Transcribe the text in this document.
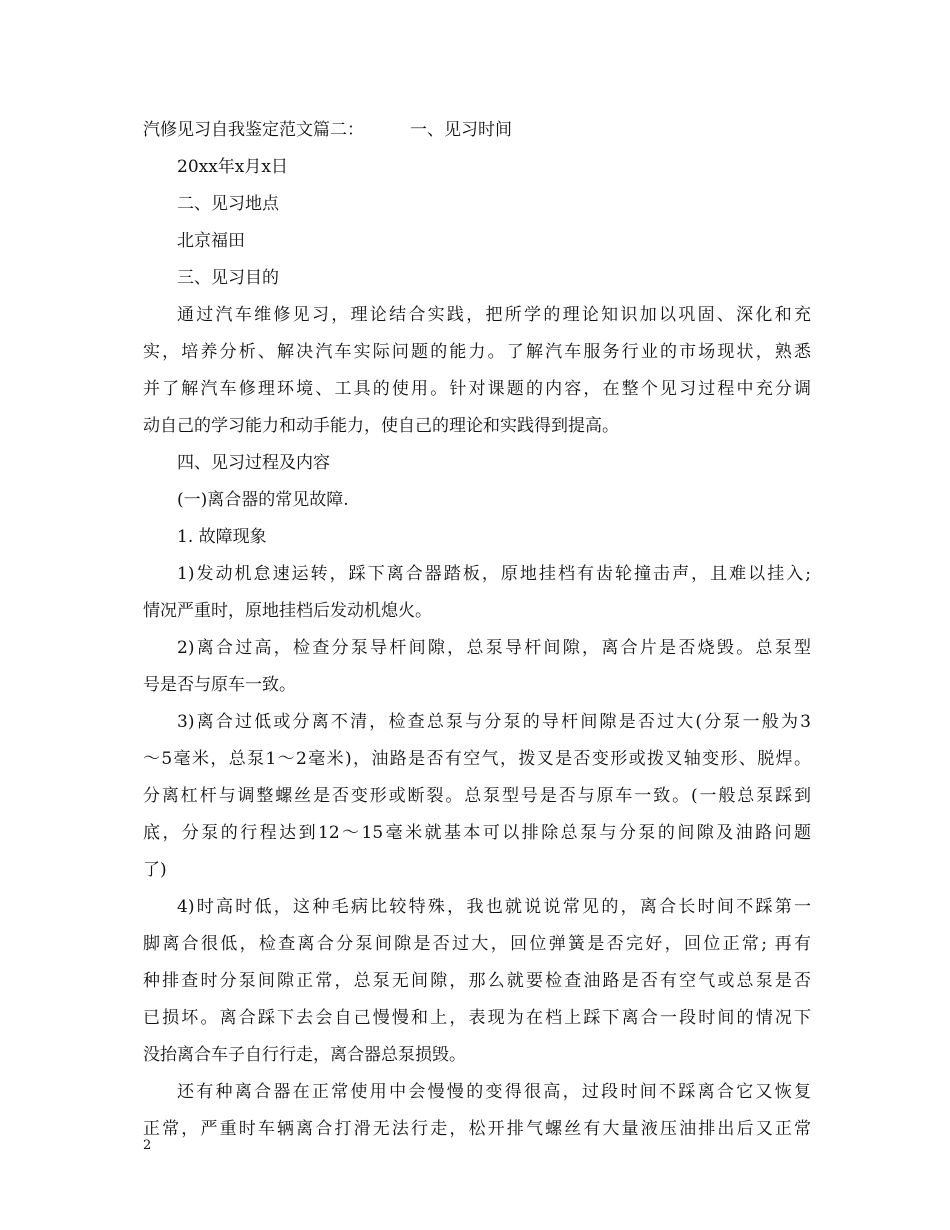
汽修见习自我鉴定范文篇二：	一、见习时间
20xx年x月x日
二、见习地点
北京福田
三、见习目的
通过汽车维修见习，理论结合实践，把所学的理论知识加以巩固、深化和充
实，培养分析、解决汽车实际问题的能力。了解汽车服务行业的市场现状，熟悉
并了解汽车修理环境、工具的使用。针对课题的内容，在整个见习过程中充分调
动自己的学习能力和动手能力，使自己的理论和实践得到提高。
四、见习过程及内容
(一)离合器的常见故障.
1. 故障现象
1)发动机怠速运转，踩下离合器踏板，原地挂档有齿轮撞击声，且难以挂入;
情况严重时，原地挂档后发动机熄火。
2)离合过高，检查分泵导杆间隙，总泵导杆间隙，离合片是否烧毁。总泵型
号是否与原车一致。
3)离合过低或分离不清，检查总泵与分泵的导杆间隙是否过大(分泵一般为3
～5毫米，总泵1～2毫米)，油路是否有空气，拨叉是否变形或拨叉轴变形、脱焊。
分离杠杆与调整螺丝是否变形或断裂。总泵型号是否与原车一致。(一般总泵踩到
底，分泵的行程达到12～15毫米就基本可以排除总泵与分泵的间隙及油路问题
了)
4)时高时低，这种毛病比较特殊，我也就说说常见的，离合长时间不踩第一
脚离合很低，检查离合分泵间隙是否过大，回位弹簧是否完好，回位正常; 再有
种排查时分泵间隙正常，总泵无间隙，那么就要检查油路是否有空气或总泵是否
已损坏。离合踩下去会自己慢慢和上，表现为在档上踩下离合一段时间的情况下
没抬离合车子自行行走，离合器总泵损毁。
还有种离合器在正常使用中会慢慢的变得很高，过段时间不踩离合它又恢复
正常，严重时车辆离合打滑无法行走，松开排气螺丝有大量液压油排出后又正常
2
